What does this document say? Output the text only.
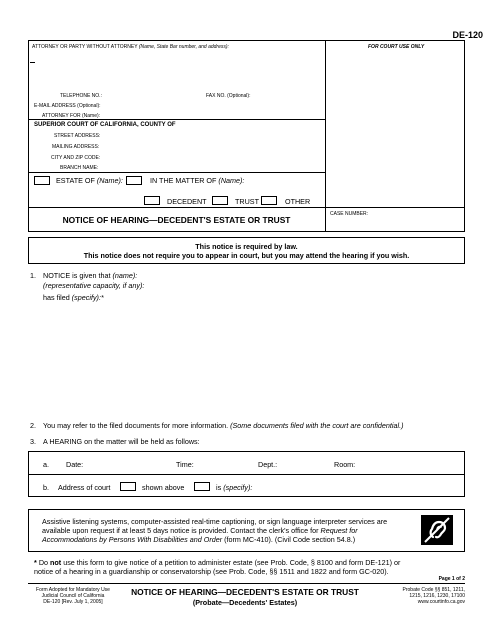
DE-120
ATTORNEY OR PARTY WITHOUT ATTORNEY (Name, State Bar number, and address):	FOR COURT USE ONLY
TELEPHONE NO.:	FAX NO. (Optional):
E-MAIL ADDRESS (Optional):
ATTORNEY FOR (Name):
SUPERIOR COURT OF CALIFORNIA, COUNTY OF
STREET ADDRESS:
MAILING ADDRESS:
CITY AND ZIP CODE:
BRANCH NAME:
ESTATE OF (Name):	IN THE MATTER OF (Name):
DECEDENT	TRUST	OTHER
NOTICE OF HEARING—DECEDENT'S ESTATE OR TRUST
CASE NUMBER:
This notice is required by law.
This notice does not require you to appear in court, but you may attend the hearing if you wish.
1. NOTICE is given that (name):
(representative capacity, if any):
has filed (specify):*
2. You may refer to the filed documents for more information. (Some documents filed with the court are confidential.)
3. A HEARING on the matter will be held as follows:
a. Date:	Time:	Dept.:	Room:
b. Address of court	shown above	is (specify):
Assistive listening systems, computer-assisted real-time captioning, or sign language interpreter services are
available upon request if at least 5 days notice is provided. Contact the clerk's office for Request for
Accommodations by Persons With Disabilities and Order (form MC-410). (Civil Code section 54.8.)
* Do not use this form to give notice of a petition to administer estate (see Prob. Code, § 8100 and form DE-121) or
notice of a hearing in a guardianship or conservatorship (see Prob. Code, §§ 1511 and 1822 and form GC-020).
Page 1 of 2
Form Adopted for Mandatory Use
Judicial Council of California
DE-120 [Rev. July 1, 2005]
NOTICE OF HEARING—DECEDENT'S ESTATE OR TRUST
(Probate—Decedents' Estates)
Probate Code §§ 851, 1211,
1215, 1216, 1230, 17100
www.courtinfo.ca.gov
